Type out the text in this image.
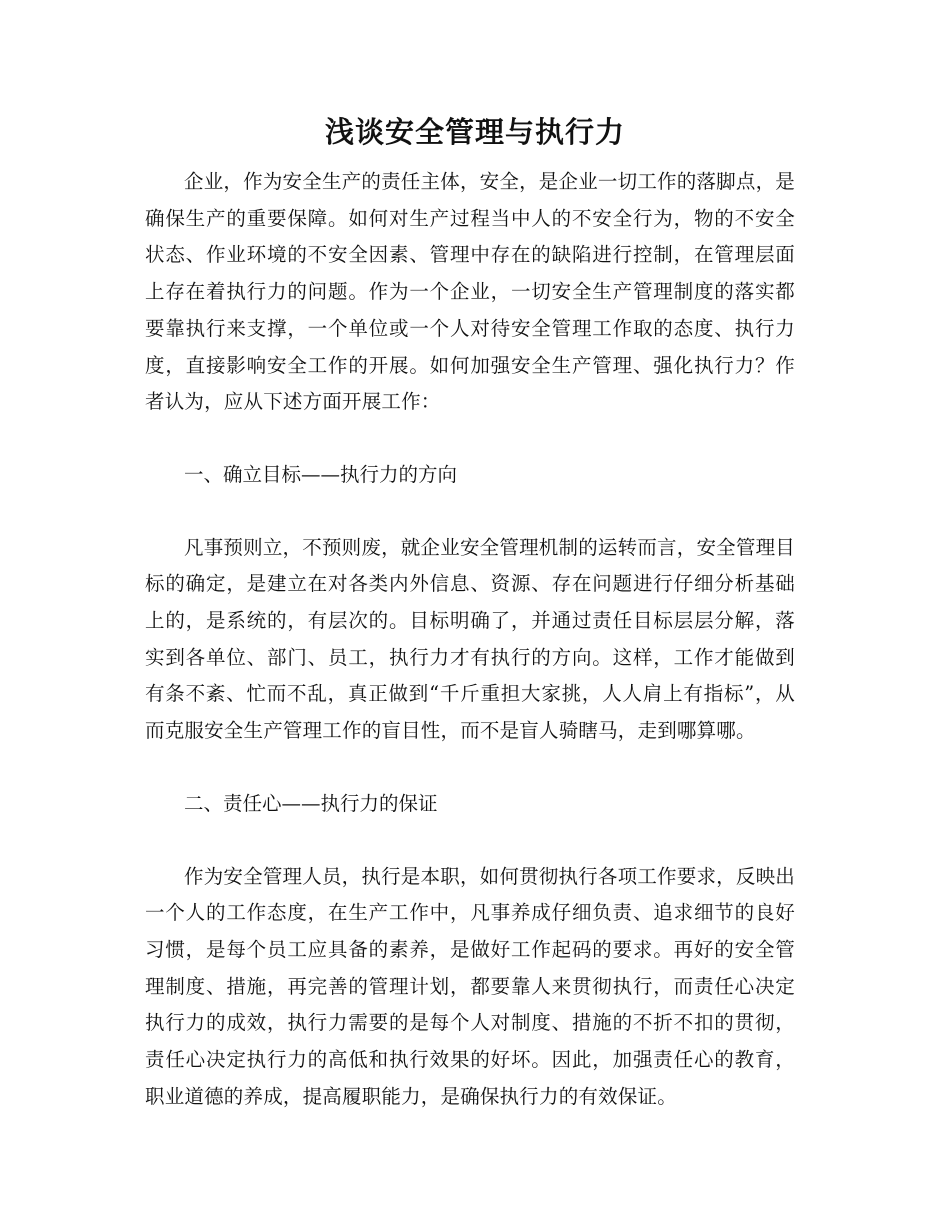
浅谈安全管理与执行力

企业，作为安全生产的责任主体，安全，是企业一切工作的落脚点，是确保生产的重要保障。如何对生产过程当中人的不安全行为，物的不安全状态、作业环境的不安全因素、管理中存在的缺陷进行控制，在管理层面上存在着执行力的问题。作为一个企业，一切安全生产管理制度的落实都要靠执行来支撑，一个单位或一个人对待安全管理工作取的态度、执行力度，直接影响安全工作的开展。如何加强安全生产管理、强化执行力？作者认为，应从下述方面开展工作：

一、确立目标——执行力的方向

凡事预则立，不预则废，就企业安全管理机制的运转而言，安全管理目标的确定，是建立在对各类内外信息、资源、存在问题进行仔细分析基础上的，是系统的，有层次的。目标明确了，并通过责任目标层层分解，落实到各单位、部门、员工，执行力才有执行的方向。这样，工作才能做到有条不紊、忙而不乱，真正做到“千斤重担大家挑，人人肩上有指标”，从而克服安全生产管理工作的盲目性，而不是盲人骑瞎马，走到哪算哪。

二、责任心——执行力的保证

作为安全管理人员，执行是本职，如何贯彻执行各项工作要求，反映出一个人的工作态度，在生产工作中，凡事养成仔细负责、追求细节的良好习惯，是每个员工应具备的素养，是做好工作起码的要求。再好的安全管理制度、措施，再完善的管理计划，都要靠人来贯彻执行，而责任心决定执行力的成效，执行力需要的是每个人对制度、措施的不折不扣的贯彻，责任心决定执行力的高低和执行效果的好坏。因此，加强责任心的教育，职业道德的养成，提高履职能力，是确保执行力的有效保证。
